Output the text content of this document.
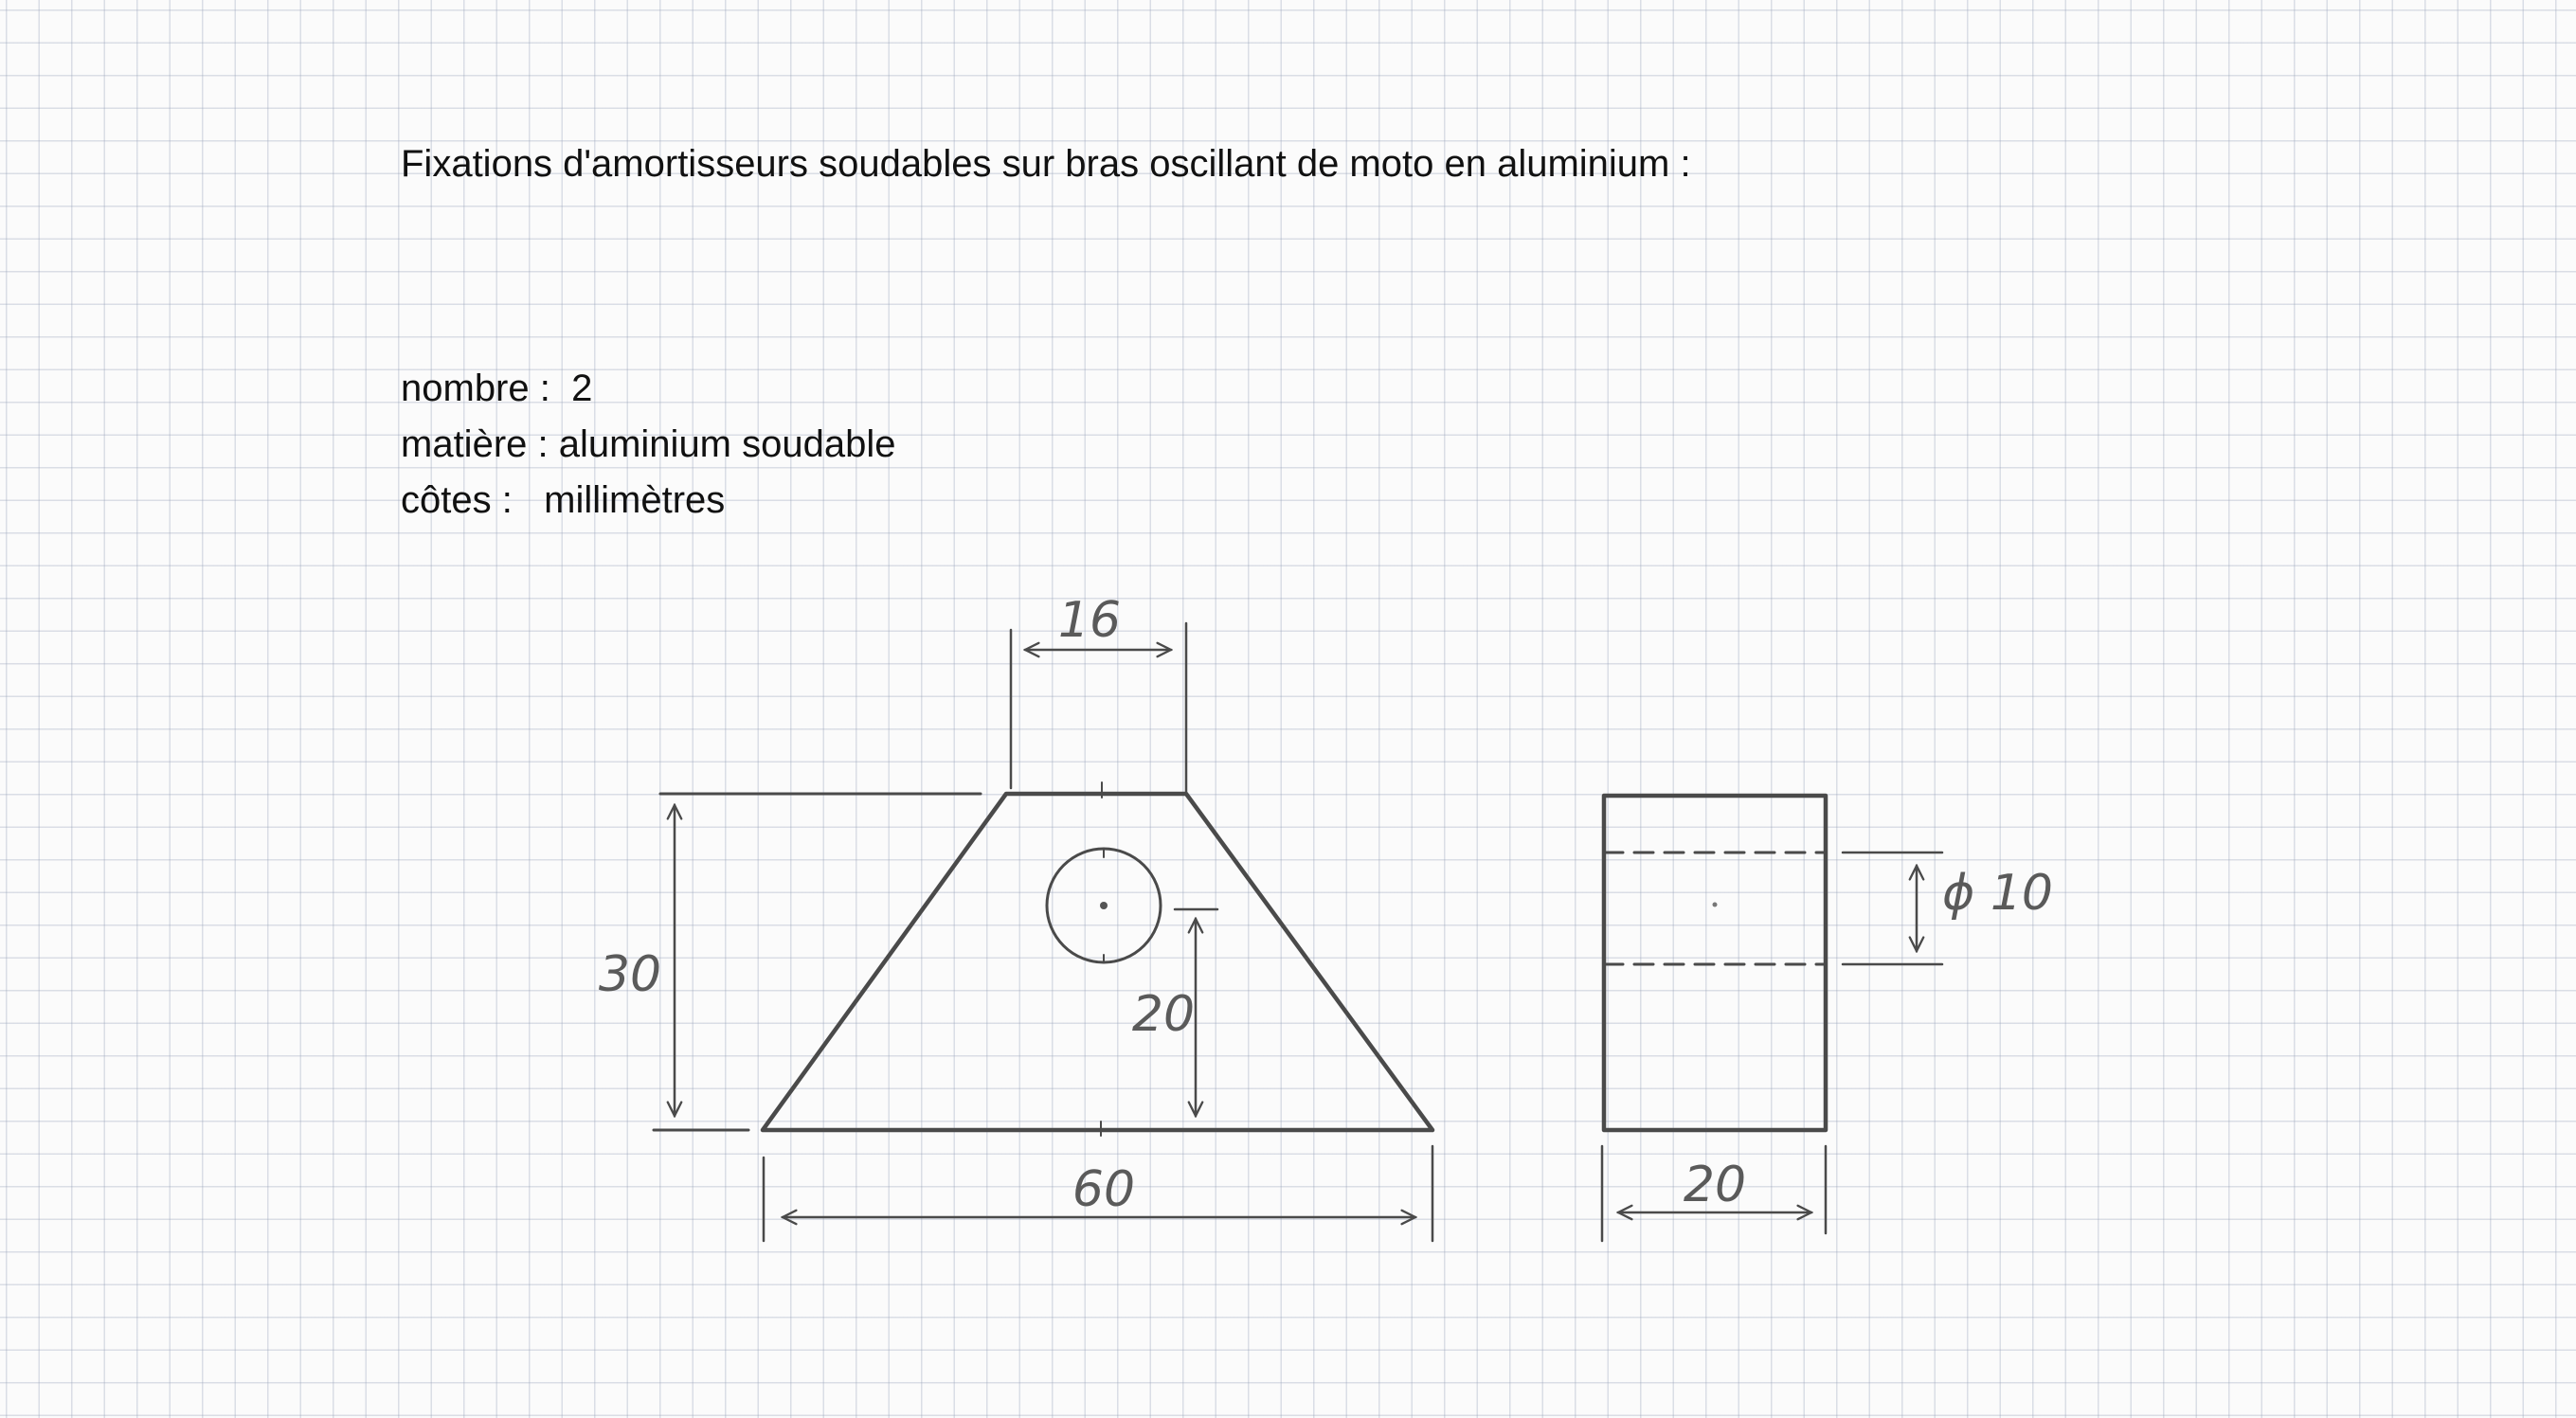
Fixations d'amortisseurs soudables sur bras oscillant de moto en aluminium :
nombre :  2
matière : aluminium soudable
côtes :   millimètres
16
30
20
60
ϕ 10
20
